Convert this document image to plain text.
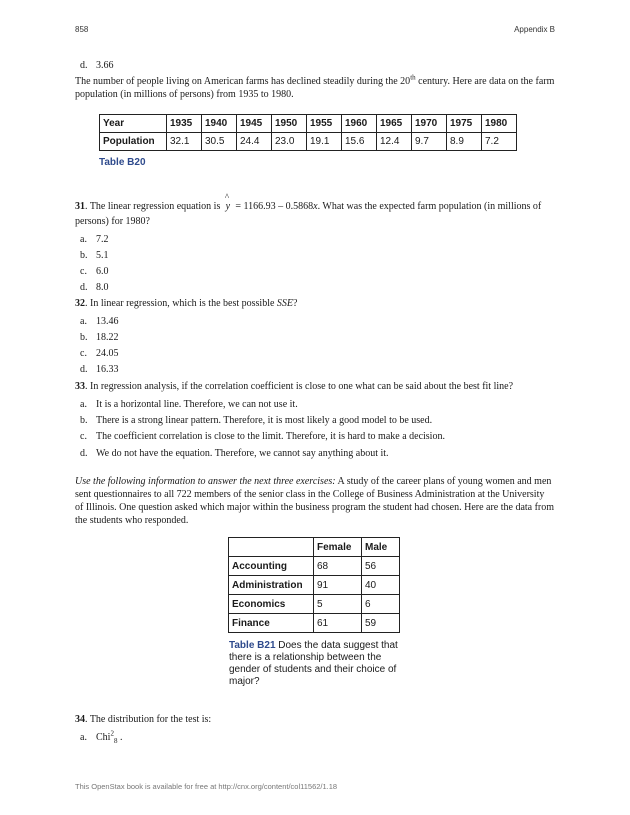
858	Appendix B
d. 3.66
The number of people living on American farms has declined steadily during the 20th century. Here are data on the farm population (in millions of persons) from 1935 to 1980.
Year	1935	1940	1945	1950	1955	1960	1965	1970	1975	1980
Population	32.1	30.5	24.4	23.0	19.1	15.6	12.4	9.7	8.9	7.2
Table B20
31. The linear regression equation is
^
y = 1166.93 – 0.5868x. What was the expected farm population (in millions of
persons) for 1980?
a. 7.2
b. 5.1
c. 6.0
d. 8.0
32. In linear regression, which is the best possible SSE?
a. 13.46
b. 18.22
c. 24.05
d. 16.33
33. In regression analysis, if the correlation coefficient is close to one what can be said about the best fit line?
a. It is a horizontal line. Therefore, we can not use it.
b. There is a strong linear pattern. Therefore, it is most likely a good model to be used.
c. The coefficient correlation is close to the limit. Therefore, it is hard to make a decision.
d. We do not have the equation. Therefore, we cannot say anything about it.
Use the following information to answer the next three exercises: A study of the career plans of young women and men sent questionnaires to all 722 members of the senior class in the College of Business Administration at the University of Illinois. One question asked which major within the business program the student had chosen. Here are the data from the students who responded.
	Female	Male
Accounting	68	56
Administration	91	40
Economics	5	6
Finance	61	59
Table B21 Does the data suggest that there is a relationship between the gender of students and their choice of major?
34. The distribution for the test is:
a. Chi$^2_8$ .
This OpenStax book is available for free at http://cnx.org/content/col11562/1.18
